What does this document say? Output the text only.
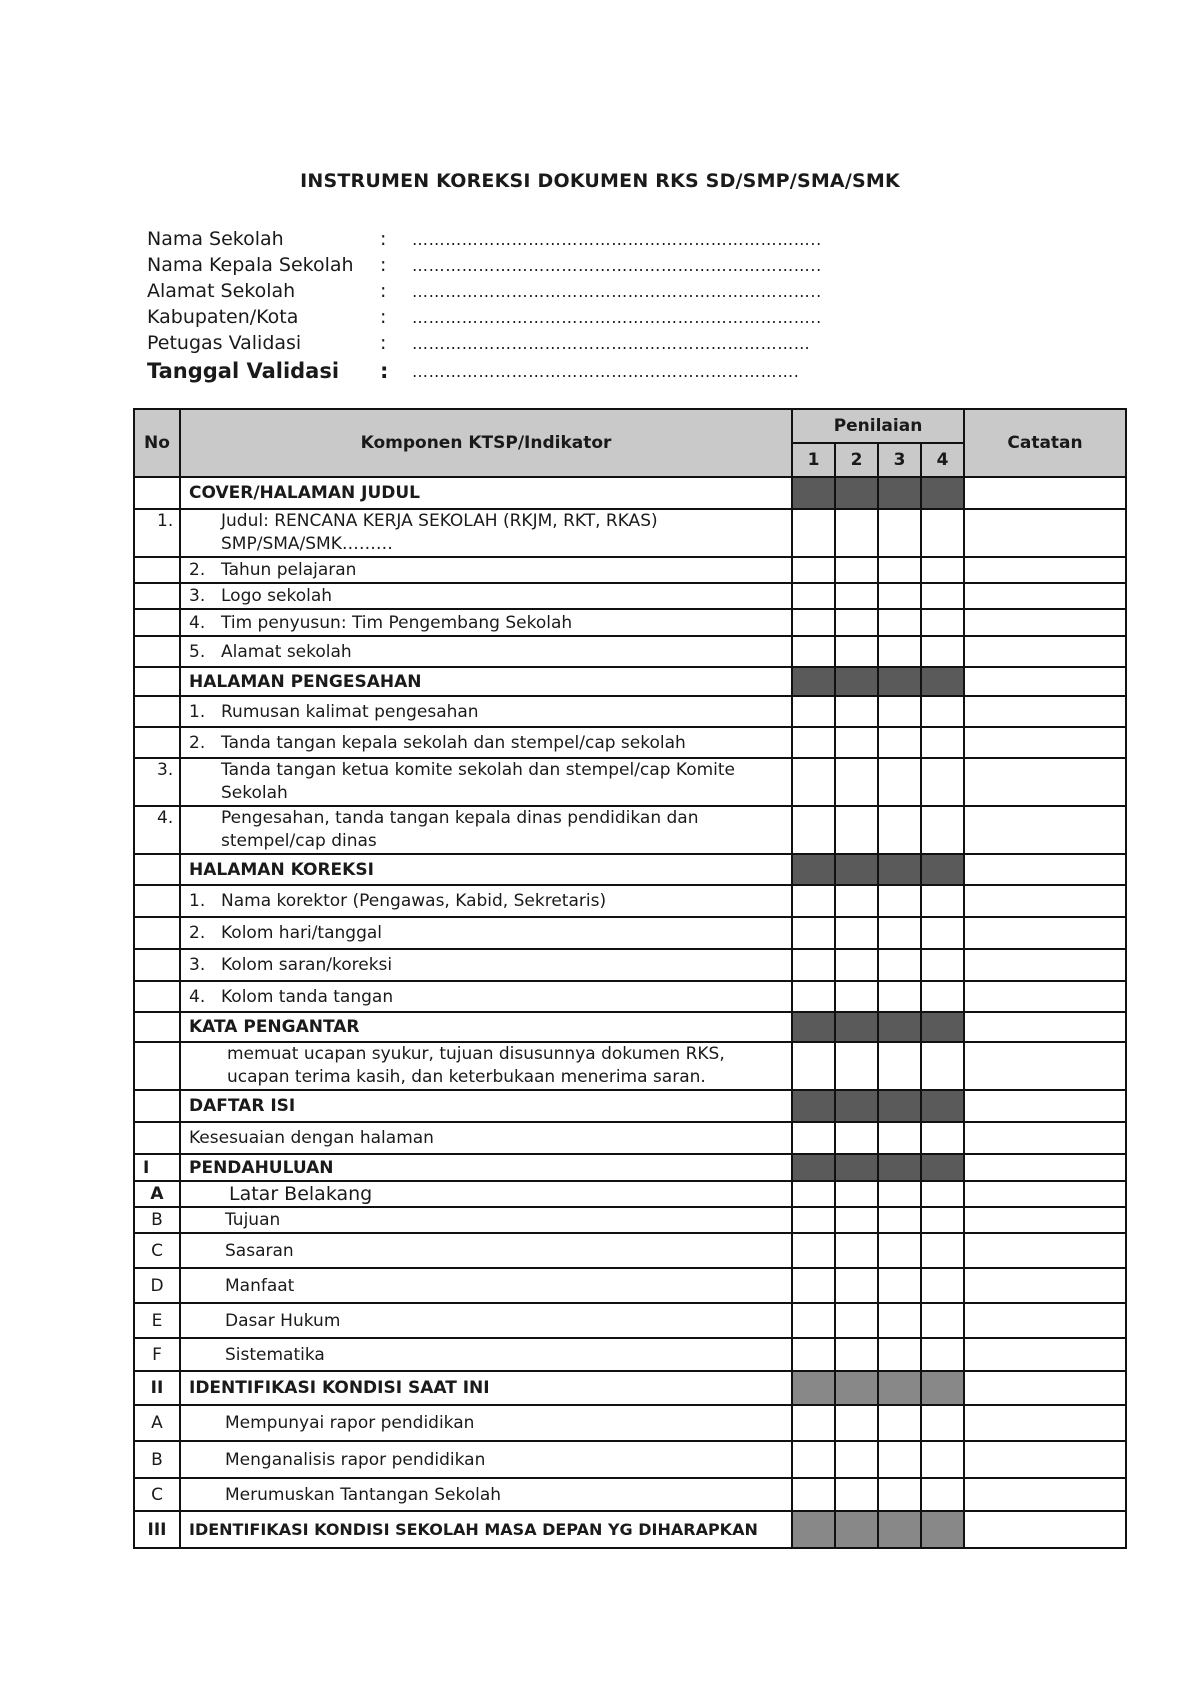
INSTRUMEN KOREKSI DOKUMEN RKS SD/SMP/SMA/SMK
Nama Sekolah	:	………………………………………………………………..
Nama Kepala Sekolah	:	………………………………………………………………..
Alamat Sekolah	:	………………………………………………………………..
Kabupaten/Kota	:	………………………………………………………………..
Petugas Validasi	:	………………………………………………………………
Tanggal Validasi	:	…………………………………………………………….
No	Komponen KTSP/Indikator	Penilaian				Catatan
		1	2	3	4	
	COVER/HALAMAN JUDUL					

	1. Judul: RENCANA KERJA SEKOLAH (RKJM, RKT, RKAS) SMP/SMA/SMK………					

	2. Tahun pelajaran					
	3. Logo sekolah					
	4. Tim penyusun: Tim Pengembang Sekolah					
	5. Alamat sekolah					
	HALAMAN PENGESAHAN					
	1. Rumusan kalimat pengesahan					
	2. Tanda tangan kepala sekolah dan stempel/cap sekolah					

	3. Tanda tangan ketua komite sekolah dan stempel/cap Komite Sekolah					

	4. Pengesahan, tanda tangan kepala dinas pendidikan dan stempel/cap dinas					

	HALAMAN KOREKSI					
	1. Nama korektor (Pengawas, Kabid, Sekretaris)					
	2. Kolom hari/tanggal					
	3. Kolom saran/koreksi					
	4. Kolom tanda tangan					
	KATA PENGANTAR					

	memuat ucapan syukur, tujuan disusunnya dokumen RKS, ucapan terima kasih, dan keterbukaan menerima saran.					

	DAFTAR ISI					
	Kesesuaian dengan halaman					
I	PENDAHULUAN					
A	Latar Belakang					
B	Tujuan					
C	Sasaran					
D	Manfaat					
E	Dasar Hukum					
F	Sistematika					
II	IDENTIFIKASI KONDISI SAAT INI					
A	Mempunyai rapor pendidikan					
B	Menganalisis rapor pendidikan					
C	Merumuskan Tantangan Sekolah					
III	IDENTIFIKASI KONDISI SEKOLAH MASA DEPAN YG DIHARAPKAN					
